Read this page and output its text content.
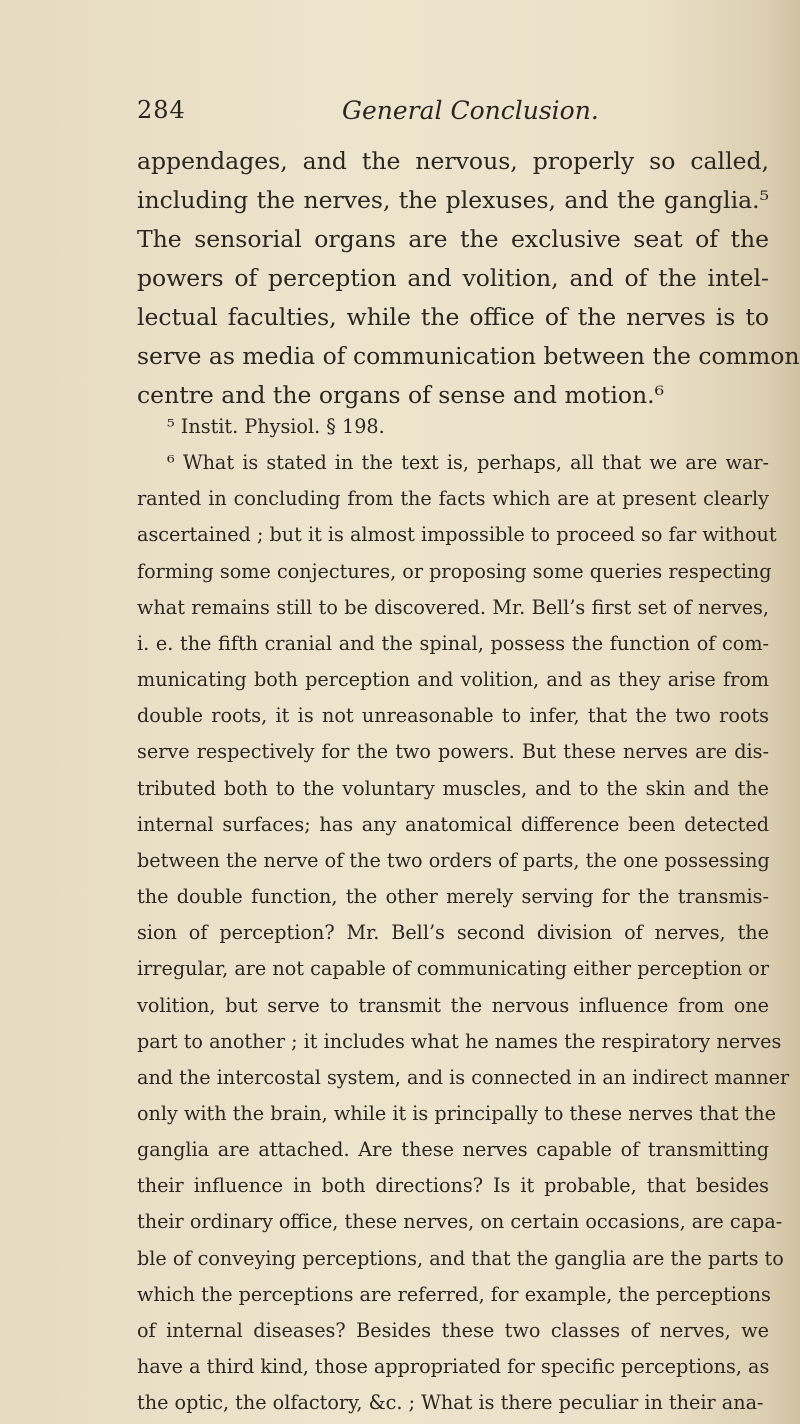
284	General Conclusion.
appendages, and the nervous, properly so called,
including the nerves, the plexuses, and the ganglia.⁵
The sensorial organs are the exclusive seat of the
powers of perception and volition, and of the intel-
lectual faculties, while the office of the nerves is to
serve as media of communication between the common
centre and the organs of sense and motion.⁶
⁵ Instit. Physiol. § 198.
⁶ What is stated in the text is, perhaps, all that we are war-
ranted in concluding from the facts which are at present clearly
ascertained ; but it is almost impossible to proceed so far without
forming some conjectures, or proposing some queries respecting
what remains still to be discovered. Mr. Bell’s first set of nerves,
i. e. the fifth cranial and the spinal, possess the function of com-
municating both perception and volition, and as they arise from
double roots, it is not unreasonable to infer, that the two roots
serve respectively for the two powers. But these nerves are dis-
tributed both to the voluntary muscles, and to the skin and the
internal surfaces; has any anatomical difference been detected
between the nerve of the two orders of parts, the one possessing
the double function, the other merely serving for the transmis-
sion of perception? Mr. Bell’s second division of nerves, the
irregular, are not capable of communicating either perception or
volition, but serve to transmit the nervous influence from one
part to another ; it includes what he names the respiratory nerves
and the intercostal system, and is connected in an indirect manner
only with the brain, while it is principally to these nerves that the
ganglia are attached. Are these nerves capable of transmitting
their influence in both directions? Is it probable, that besides
their ordinary office, these nerves, on certain occasions, are capa-
ble of conveying perceptions, and that the ganglia are the parts to
which the perceptions are referred, for example, the perceptions
of internal diseases? Besides these two classes of nerves, we
have a third kind, those appropriated for specific perceptions, as
the optic, the olfactory, &c. ; What is there peculiar in their ana-
